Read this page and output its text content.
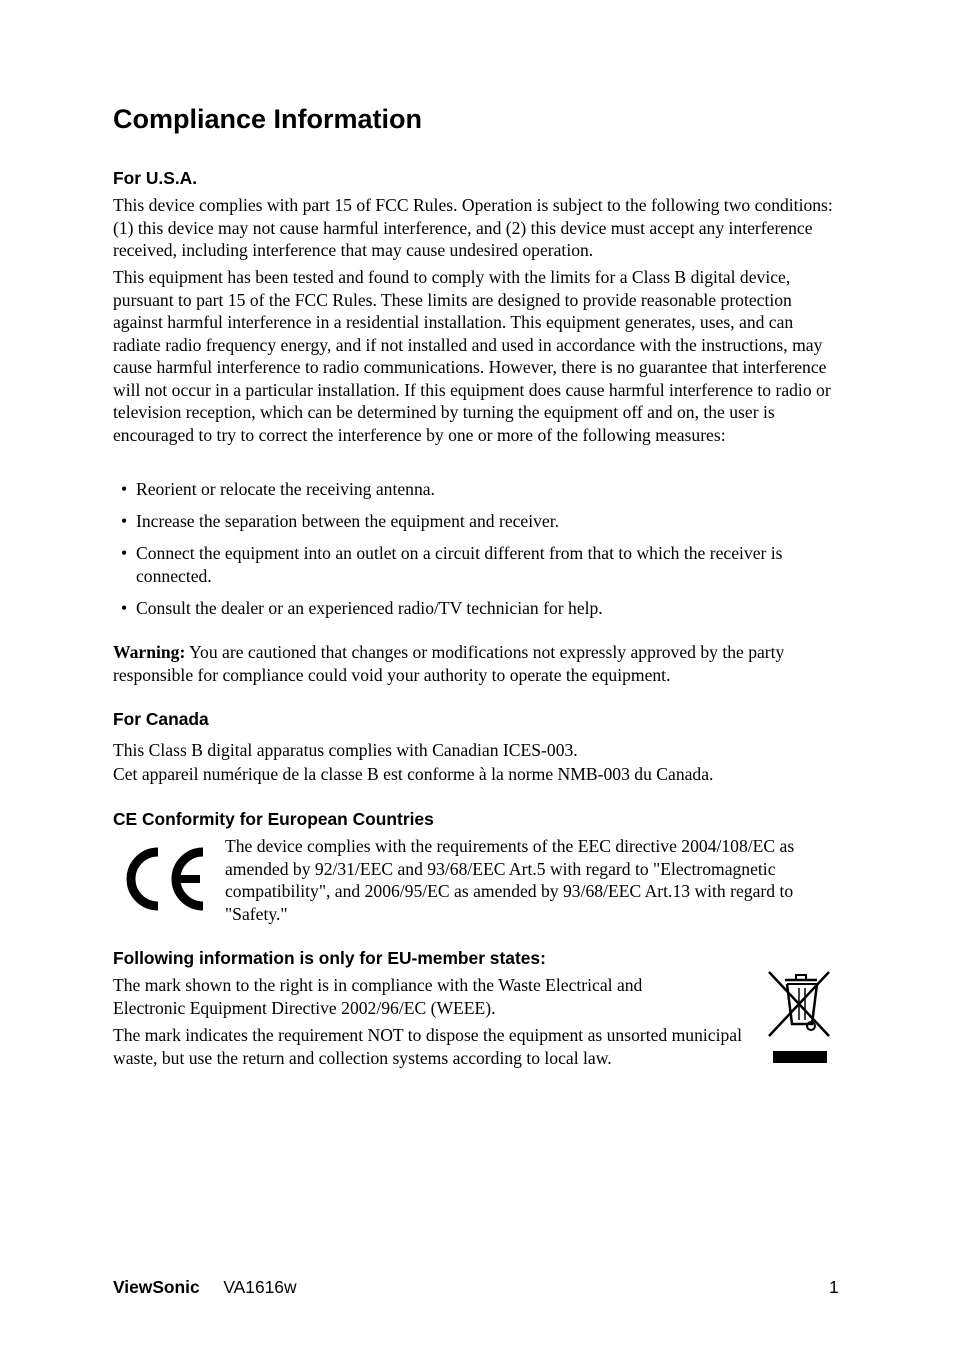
Compliance Information
For U.S.A.

This device complies with part 15 of FCC Rules. Operation is subject to the following two conditions: (1) this device may not cause harmful interference, and (2) this device must accept any interference received, including interference that may cause undesired operation.

This equipment has been tested and found to comply with the limits for a Class B digital device, pursuant to part 15 of the FCC Rules. These limits are designed to provide reasonable protection against harmful interference in a residential installation. This equipment generates, uses, and can radiate radio frequency energy, and if not installed and used in accordance with the instructions, may cause harmful interference to radio communications. However, there is no guarantee that interference will not occur in a particular installation. If this equipment does cause harmful interference to radio or television reception, which can be determined by turning the equipment off and on, the user is encouraged to try to correct the interference by one or more of the following measures:

• Reorient or relocate the receiving antenna.
• Increase the separation between the equipment and receiver.
• Connect the equipment into an outlet on a circuit different from that to which the receiver is connected.
• Consult the dealer or an experienced radio/TV technician for help.

Warning: You are cautioned that changes or modifications not expressly approved by the party responsible for compliance could void your authority to operate the equipment.

For Canada

This Class B digital apparatus complies with Canadian ICES-003.

Cet appareil numérique de la classe B est conforme à la norme NMB-003 du Canada.

CE Conformity for European Countries

The device complies with the requirements of the EEC directive 2004/108/EC as amended by 92/31/EEC and 93/68/EEC Art.5 with regard to "Electromagnetic compatibility", and 2006/95/EC as amended by 93/68/EEC Art.13 with regard to "Safety."

Following information is only for EU-member states:

The mark shown to the right is in compliance with the Waste Electrical and Electronic Equipment Directive 2002/96/EC (WEEE).

The mark indicates the requirement NOT to dispose the equipment as unsorted municipal waste, but use the return and collection systems according to local law.

ViewSonic VA1616w	1
